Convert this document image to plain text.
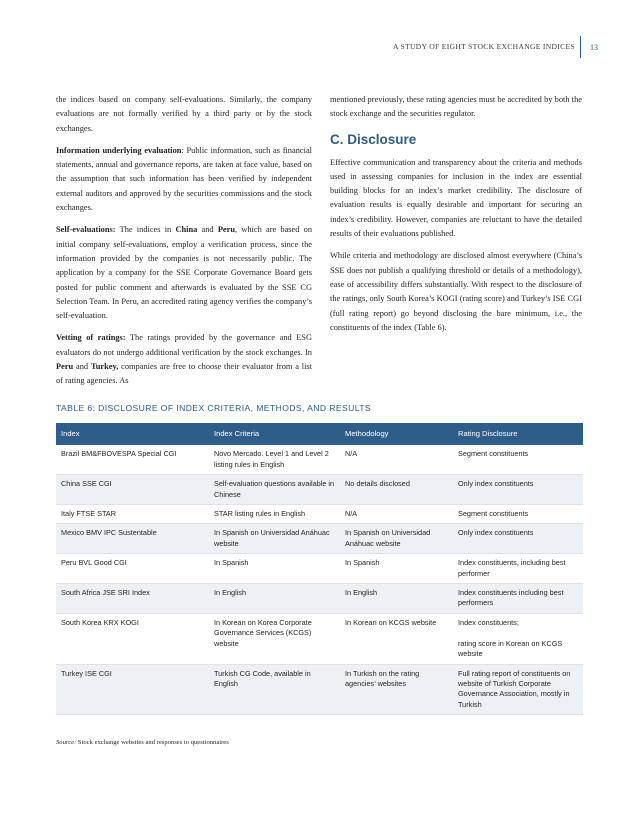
A STUDY OF EIGHT STOCK EXCHANGE INDICES 13

the indices based on company self-evaluations. Similarly, the company evaluations are not formally verified by a third party or by the stock exchanges.

Information underlying evaluation: Public information, such as financial statements, annual and governance reports, are taken at face value, based on the assumption that such information has been verified by independent external auditors and approved by the securities commissions and the stock exchanges.

Self-evaluations: The indices in China and Peru, which are based on initial company self-evaluations, employ a verification process, since the information provided by the companies is not necessarily public. The application by a company for the SSE Corporate Governance Board gets posted for public comment and afterwards is evaluated by the SSE CG Selection Team. In Peru, an accredited rating agency verifies the company’s self-evaluation.

Vetting of ratings: The ratings provided by the governance and ESG evaluators do not undergo additional verification by the stock exchanges. In Peru and Turkey, companies are free to choose their evaluator from a list of rating agencies. As

mentioned previously, these rating agencies must be accredited by both the stock exchange and the securities regulator.

C. Disclosure

Effective communication and transparency about the criteria and methods used in assessing companies for inclusion in the index are essential building blocks for an index’s market credibility. The disclosure of evaluation results is equally desirable and important for securing an index’s credibility. However, companies are reluctant to have the detailed results of their evaluations published.

While criteria and methodology are disclosed almost everywhere (China’s SSE does not publish a qualifying threshold or details of a methodology), ease of accessibility differs substantially. With respect to the disclosure of the ratings, only South Korea’s KOGI (rating score) and Turkey’s ISE CGI (full rating report) go beyond disclosing the bare minimum, i.e., the constituents of the index (Table 6).

TABLE 6: DISCLOSURE OF INDEX CRITERIA, METHODS, AND RESULTS
Index	Index Criteria	Methodology	Rating Disclosure
Brazil BM&FBOVESPA Special CGI	Novo Mercado. Level 1 and Level 2 listing rules in English	N/A	Segment constituents
China SSE CGI	Self-evaluation questions available in Chinese	No details disclosed	Only index constituents
Italy FTSE STAR	STAR listing rules in English	N/A	Segment constituents
Mexico BMV IPC Sustentable	In Spanish on Universidad Anáhuac website	In Spanish on Universidad Anáhuac website	Only index constituents
Peru BVL Good CGI	In Spanish	In Spanish	Index constituents, including best performer
South Africa JSE SRI Index	In English	In English	Index constituents including best performers
South Korea KRX KOGI	In Korean on Korea Corporate Governance Services (KCGS) website	In Korean on KCGS website	Index constituents;

rating score in Korean on KCGS website
Turkey ISE CGI	Turkish CG Code, available in English	In Turkish on the rating agencies’ websites	Full rating report of constituents on website of Turkish Corporate Governance Association, mostly in Turkish
Source: Stock exchange websites and responses to questionnaires
